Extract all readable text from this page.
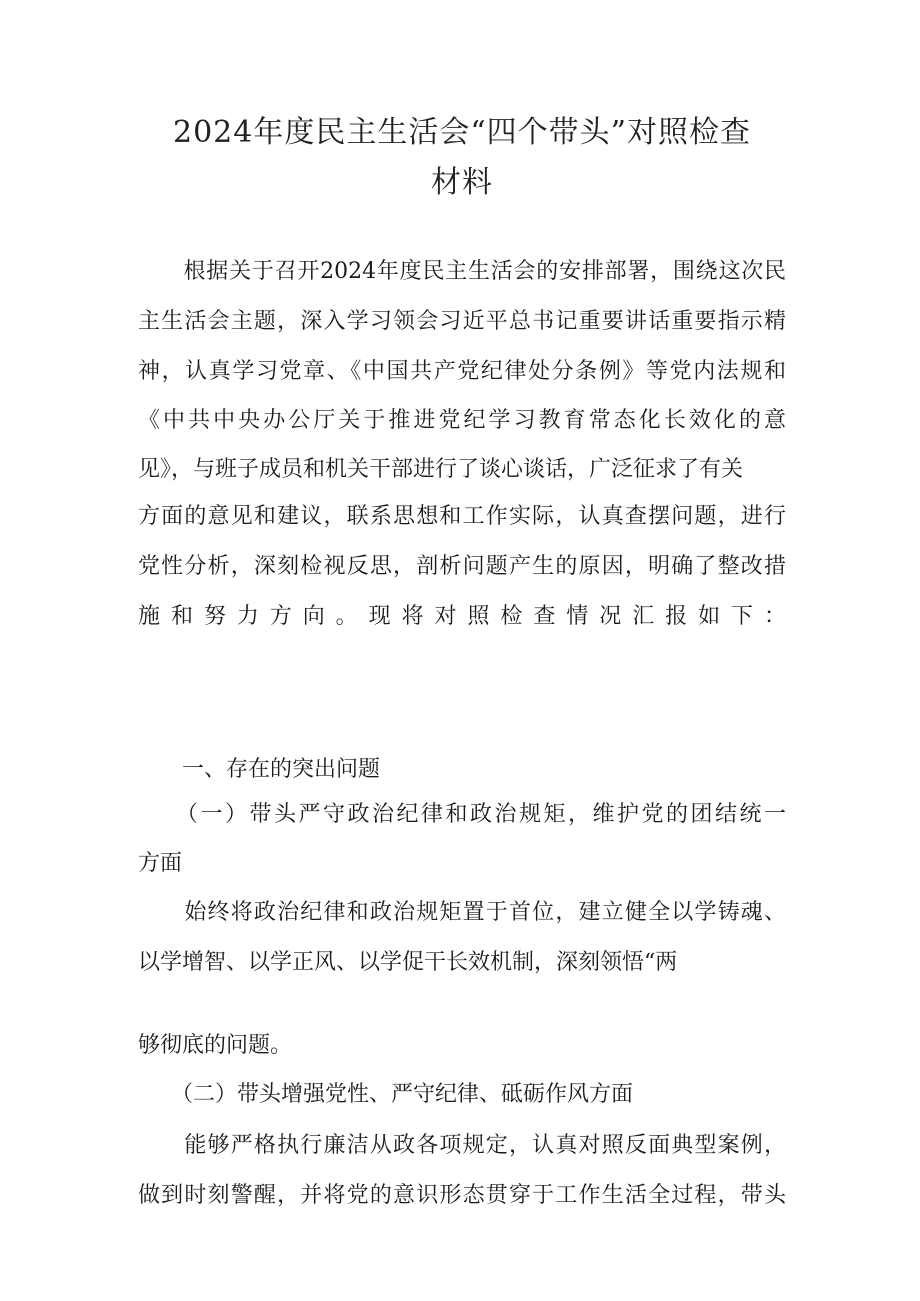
2024年度民主生活会“四个带头”对照检查
材料

　　根据关于召开2024年度民主生活会的安排部署，围绕这次民

主生活会主题，深入学习领会习近平总书记重要讲话重要指示精

神，认真学习党章、《中国共产党纪律处分条例》等党内法规和

《中共中央办公厅关于推进党纪学习教育常态化长效化的意

见》，与班子成员和机关干部进行了谈心谈话，广泛征求了有关

方面的意见和建议，联系思想和工作实际，认真查摆问题，进行

党性分析，深刻检视反思，剖析问题产生的原因，明确了整改措

施和努力方向。现将对照检查情况汇报如下：

　　一、存在的突出问题

　　（一）带头严守政治纪律和政治规矩，维护党的团结统一

方面

　　始终将政治纪律和政治规矩置于首位，建立健全以学铸魂、

以学增智、以学正风、以学促干长效机制，深刻领悟“两

够彻底的问题。

　　（二）带头增强党性、严守纪律、砥砺作风方面

　　能够严格执行廉洁从政各项规定，认真对照反面典型案例，

做到时刻警醒，并将党的意识形态贯穿于工作生活全过程，带头
